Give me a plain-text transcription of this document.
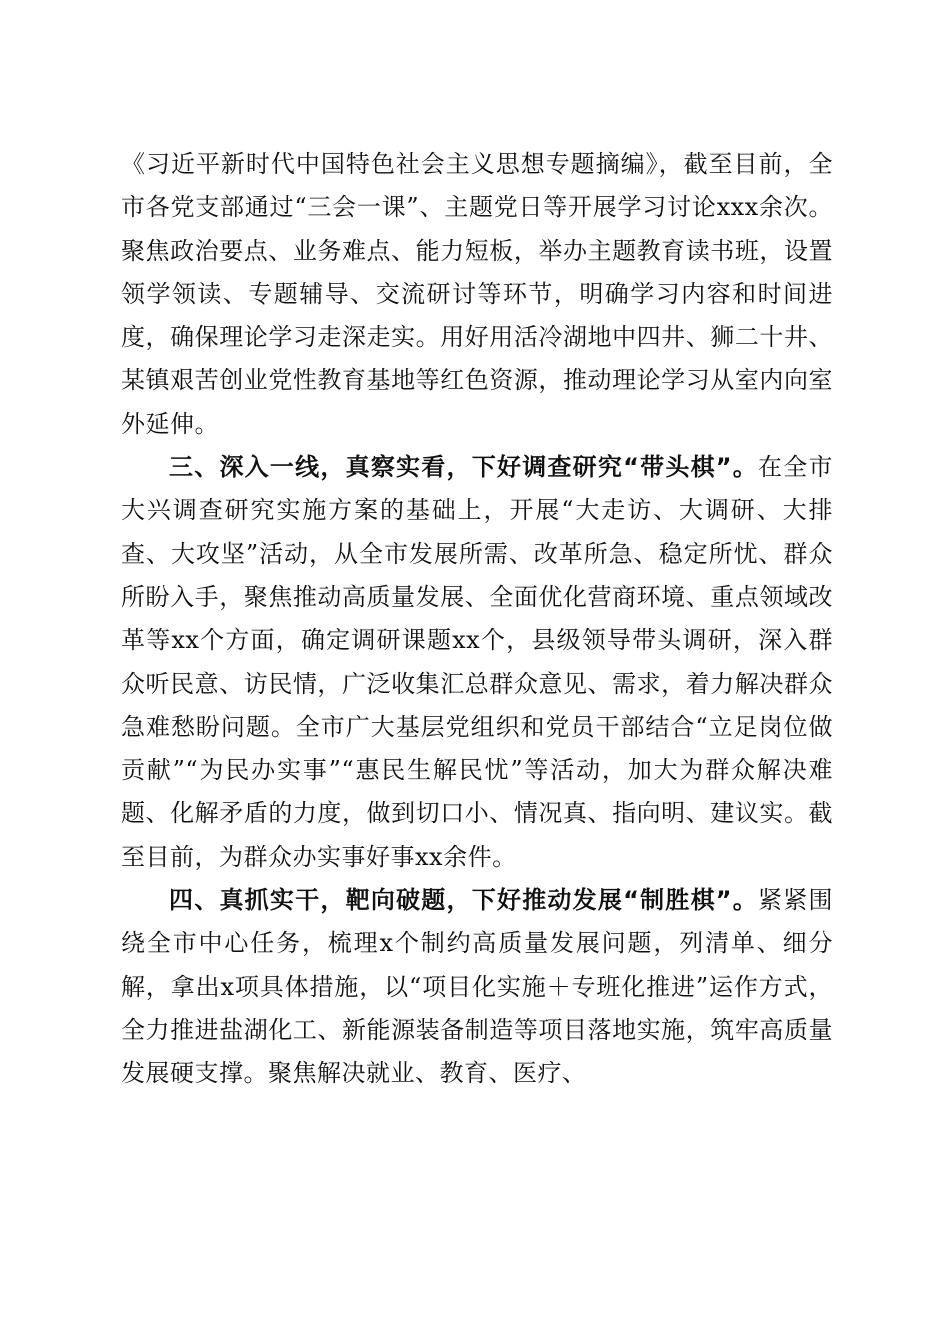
《习近平新时代中国特色社会主义思想专题摘编》，截至目前，全市各党支部通过“三会一课”、主题党日等开展学习讨论xxx余次。聚焦政治要点、业务难点、能力短板，举办主题教育读书班，设置领学领读、专题辅导、交流研讨等环节，明确学习内容和时间进度，确保理论学习走深走实。用好用活冷湖地中四井、狮二十井、某镇艰苦创业党性教育基地等红色资源，推动理论学习从室内向室外延伸。

三、深入一线，真察实看，下好调查研究“带头棋”。在全市大兴调查研究实施方案的基础上，开展“大走访、大调研、大排查、大攻坚”活动，从全市发展所需、改革所急、稳定所忧、群众所盼入手，聚焦推动高质量发展、全面优化营商环境、重点领域改革等xx个方面，确定调研课题xx个，县级领导带头调研，深入群众听民意、访民情，广泛收集汇总群众意见、需求，着力解决群众急难愁盼问题。全市广大基层党组织和党员干部结合“立足岗位做贡献”“为民办实事”“惠民生解民忧”等活动，加大为群众解决难题、化解矛盾的力度，做到切口小、情况真、指向明、建议实。截至目前，为群众办实事好事xx余件。

四、真抓实干，靶向破题，下好推动发展“制胜棋”。紧紧围绕全市中心任务，梳理x个制约高质量发展问题，列清单、细分解，拿出x项具体措施，以“项目化实施＋专班化推进”运作方式，全力推进盐湖化工、新能源装备制造等项目落地实施，筑牢高质量发展硬支撑。聚焦解决就业、教育、医疗、
